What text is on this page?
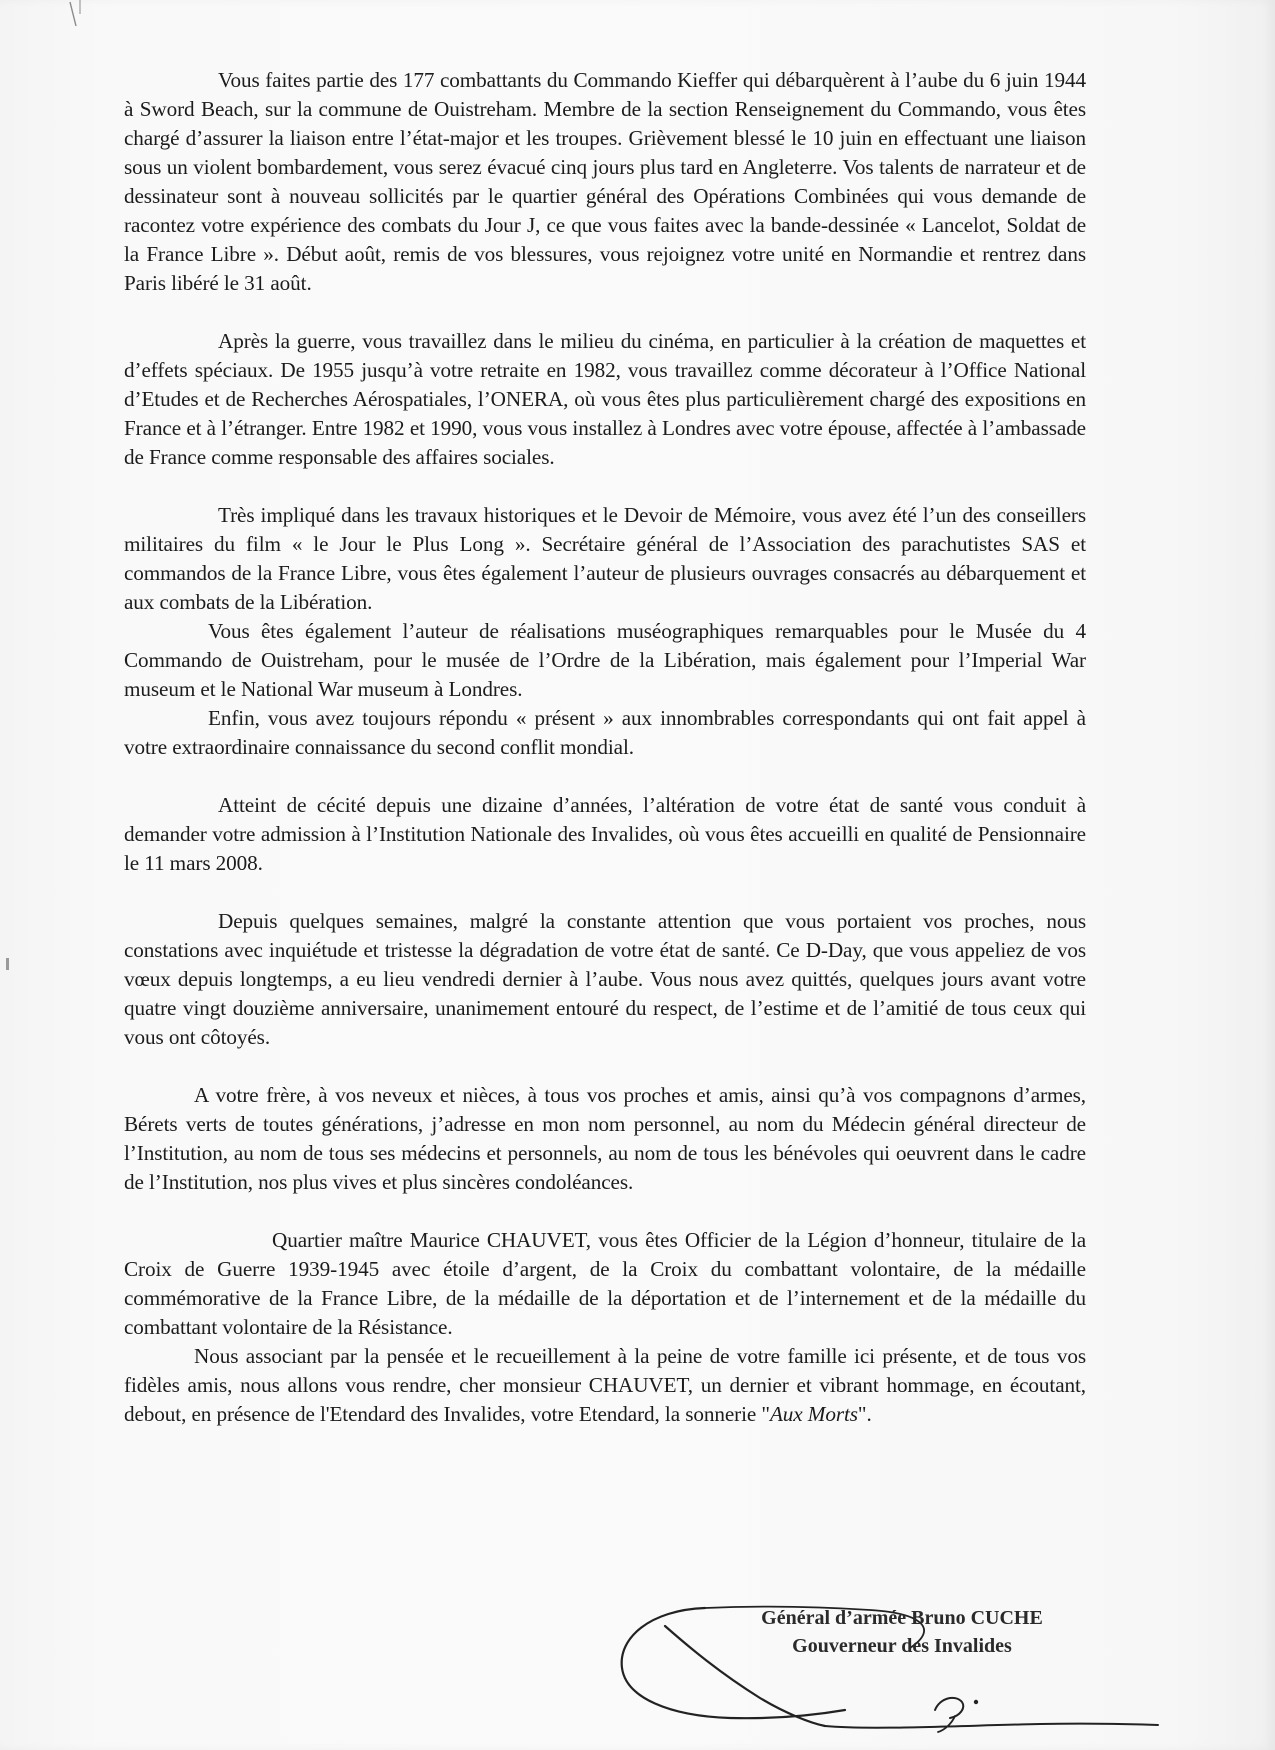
Vous faites partie des 177 combattants du Commando Kieffer qui débarquèrent à l’aube du 6 juin 1944 à Sword Beach, sur la commune de Ouistreham. Membre de la section Renseignement du Commando, vous êtes chargé d’assurer la liaison entre l’état-major et les troupes. Grièvement blessé le 10 juin en effectuant une liaison sous un violent bombardement, vous serez évacué cinq jours plus tard en Angleterre. Vos talents de narrateur et de dessinateur sont à nouveau sollicités par le quartier général des Opérations Combinées qui vous demande de racontez votre expérience des combats du Jour J, ce que vous faites avec la bande-dessinée « Lancelot, Soldat de la France Libre ». Début août, remis de vos blessures, vous rejoignez votre unité en Normandie et rentrez dans Paris libéré le 31 août.

Après la guerre, vous travaillez dans le milieu du cinéma, en particulier à la création de maquettes et d’effets spéciaux. De 1955 jusqu’à votre retraite en 1982, vous travaillez comme décorateur à l’Office National d’Etudes et de Recherches Aérospatiales, l’ONERA, où vous êtes plus particulièrement chargé des expositions en France et à l’étranger. Entre 1982 et 1990, vous vous installez à Londres avec votre épouse, affectée à l’ambassade de France comme responsable des affaires sociales.

Très impliqué dans les travaux historiques et le Devoir de Mémoire, vous avez été l’un des conseillers militaires du film « le Jour le Plus Long ». Secrétaire général de l’Association des parachutistes SAS et commandos de la France Libre, vous êtes également l’auteur de plusieurs ouvrages consacrés au débarquement et aux combats de la Libération.

Vous êtes également l’auteur de réalisations muséographiques remarquables pour le Musée du 4 Commando de Ouistreham, pour le musée de l’Ordre de la Libération, mais également pour l’Imperial War museum et le National War museum à Londres.

Enfin, vous avez toujours répondu « présent » aux innombrables correspondants qui ont fait appel à votre extraordinaire connaissance du second conflit mondial.

Atteint de cécité depuis une dizaine d’années, l’altération de votre état de santé vous conduit à demander votre admission à l’Institution Nationale des Invalides, où vous êtes accueilli en qualité de Pensionnaire le 11 mars 2008.

Depuis quelques semaines, malgré la constante attention que vous portaient vos proches, nous constations avec inquiétude et tristesse la dégradation de votre état de santé. Ce D-Day, que vous appeliez de vos vœux depuis longtemps, a eu lieu vendredi dernier à l’aube. Vous nous avez quittés, quelques jours avant votre quatre vingt douzième anniversaire, unanimement entouré du respect, de l’estime et de l’amitié de tous ceux qui vous ont côtoyés.

A votre frère, à vos neveux et nièces, à tous vos proches et amis, ainsi qu’à vos compagnons d’armes, Bérets verts de toutes générations, j’adresse en mon nom personnel, au nom du Médecin général directeur de l’Institution, au nom de tous ses médecins et personnels, au nom de tous les bénévoles qui oeuvrent dans le cadre de l’Institution, nos plus vives et plus sincères condoléances.

Quartier maître Maurice CHAUVET, vous êtes Officier de la Légion d’honneur, titulaire de la Croix de Guerre 1939-1945 avec étoile d’argent, de la Croix du combattant volontaire, de la médaille commémorative de la France Libre, de la médaille de la déportation et de l’internement et de la médaille du combattant volontaire de la Résistance.

Nous associant par la pensée et le recueillement à la peine de votre famille ici présente, et de tous vos fidèles amis, nous allons vous rendre, cher monsieur CHAUVET, un dernier et vibrant hommage, en écoutant, debout, en présence de l'Etendard des Invalides, votre Etendard, la sonnerie "Aux Morts".

Général d’armée Bruno CUCHE
Gouverneur des Invalides
